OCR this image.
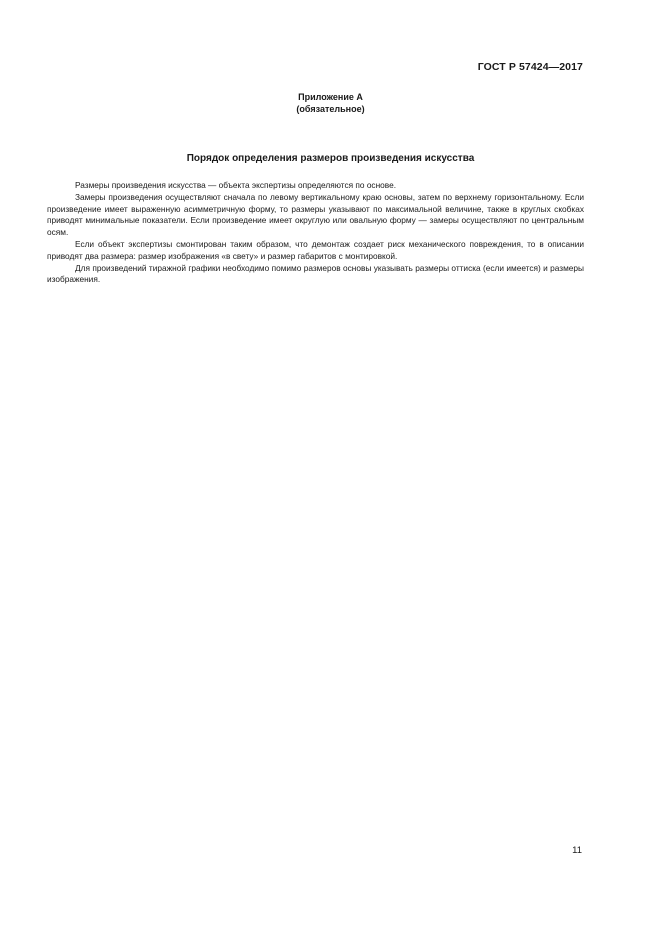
ГОСТ Р 57424—2017
Приложение А
(обязательное)
Порядок определения размеров произведения искусства

Размеры произведения искусства — объекта экспертизы определяются по основе.

Замеры произведения осуществляют сначала по левому вертикальному краю основы, затем по верхнему горизонтальному. Если произведение имеет выраженную асимметричную форму, то размеры указывают по максимальной величине, также в круглых скобках приводят минимальные показатели. Если произведение имеет округлую или овальную форму — замеры осуществляют по центральным осям.

Если объект экспертизы смонтирован таким образом, что демонтаж создает риск механического повреждения, то в описании приводят два размера: размер изображения «в свету» и размер габаритов с монтировкой.

Для произведений тиражной графики необходимо помимо размеров основы указывать размеры оттиска (если имеется) и размеры изображения.

11
